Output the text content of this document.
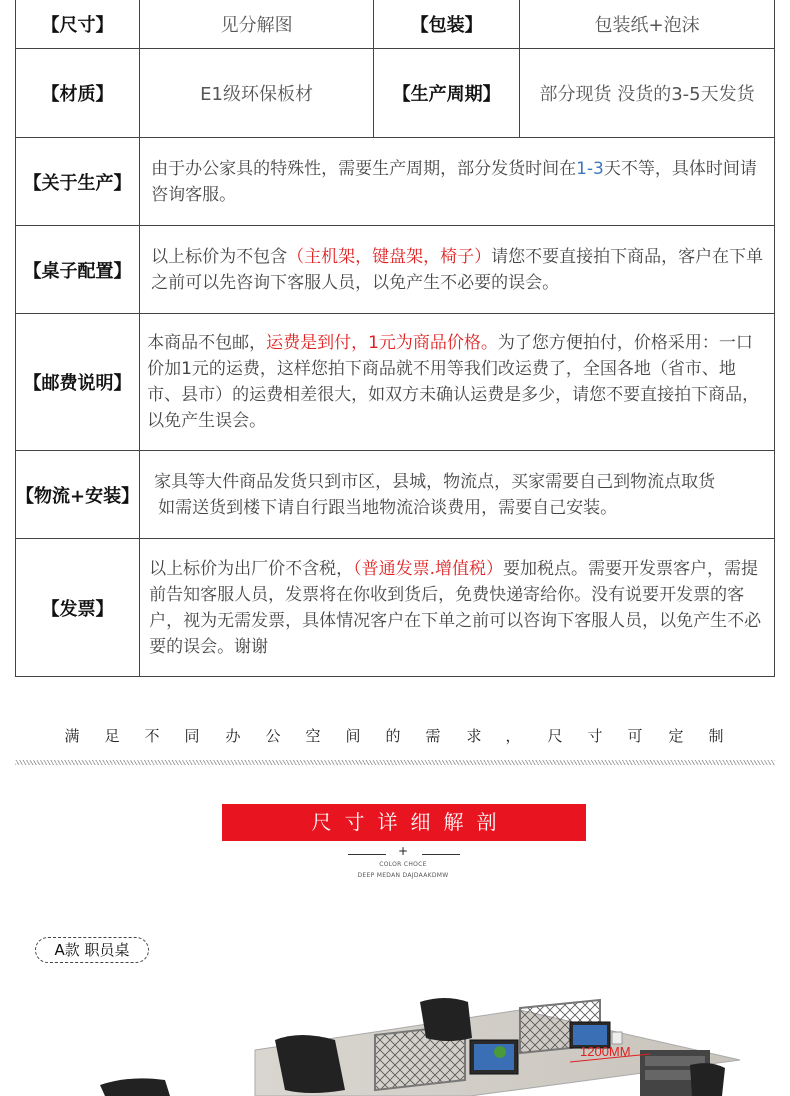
【尺寸】	见分解图	【包装】	包装纸+泡沫
【材质】	E1级环保板材	【生产周期】	部分现货 没货的3-5天发货
【关于生产】	由于办公家具的特殊性，需要生产周期，部分发货时间在1-3天不等，具体时间请咨询客服。		
【桌子配置】	以上标价为不包含（主机架，键盘架，椅子）请您不要直接拍下商品，客户在下单之前可以先咨询下客服人员，以免产生不必要的误会。		
【邮费说明】	本商品不包邮，运费是到付，1元为商品价格。为了您方便拍付，价格采用：一口价加1元的运费，这样您拍下商品就不用等我们改运费了，全国各地（省市、地市、县市）的运费相差很大，如双方未确认运费是多少，请您不要直接拍下商品，以免产生误会。		
【物流+安装】	家具等大件商品发货只到市区，县城，物流点，买家需要自己到物流点取货
如需送货到楼下请自行跟当地物流洽谈费用，需要自己安装。		

【发票】	以上标价为出厂价不含税，（普通发票.增值税）要加税点。需要开发票客户，需提前告知客服人员，发票将在你收到货后，免费快递寄给你。没有说要开发票的客户，视为无需发票，具体情况客户在下单之前可以咨询下客服人员，以免产生不必要的误会。谢谢		
满 足 不 同 办 公 空 间 的 需 求 ， 尺 寸 可 定 制
尺寸详细解剖
+
COLOR CHOCE
DEEP MEDAN DAJDAAKDMW
A款 职员桌
1200MM
